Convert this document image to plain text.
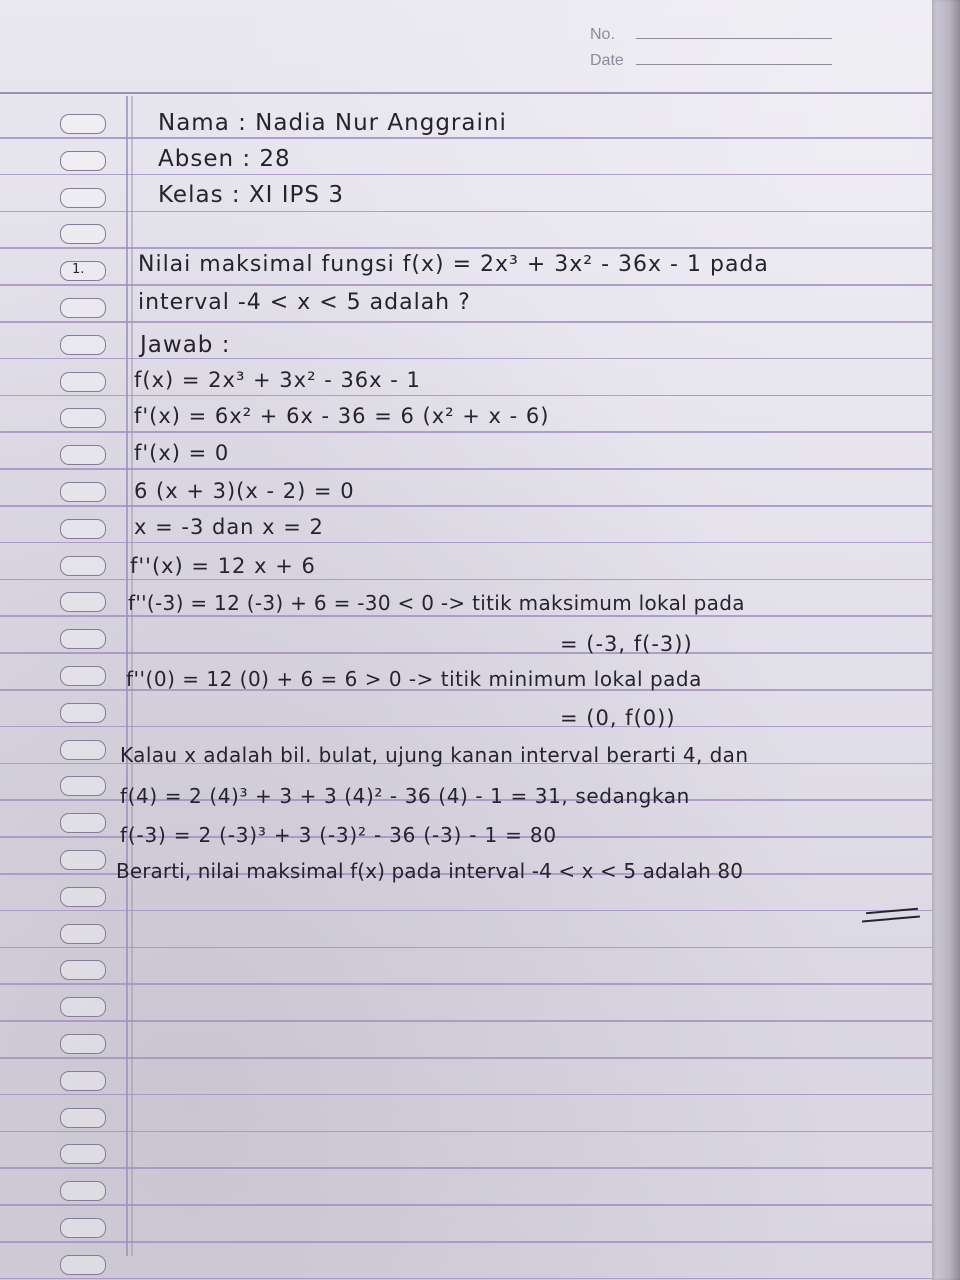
No.
Date
Nama : Nadia Nur Anggraini
Absen : 28
Kelas : XI IPS 3
1. Nilai maksimal fungsi f(x) = 2x³ + 3x² - 36x - 1 pada
interval -4 < x < 5 adalah ?
Jawab :
f(x) = 2x³ + 3x² - 36x - 1
f'(x) = 6x² + 6x - 36 = 6 (x² + x - 6)
f'(x) = 0
6 (x + 3)(x - 2) = 0
x = -3 dan x = 2
f''(x) = 12 x + 6
f''(-3) = 12 (-3) + 6 = -30 < 0 -> titik maksimum lokal pada
= (-3, f(-3))
f''(0) = 12 (0) + 6 = 6 > 0 -> titik minimum lokal pada
= (0, f(0))
Kalau x adalah bil. bulat, ujung kanan interval berarti 4, dan
f(4) = 2 (4)³ + 3 + 3 (4)² - 36 (4) - 1 = 31, sedangkan
f(-3) = 2 (-3)³ + 3 (-3)² - 36 (-3) - 1 = 80
Berarti, nilai maksimal f(x) pada interval -4 < x < 5 adalah 80
